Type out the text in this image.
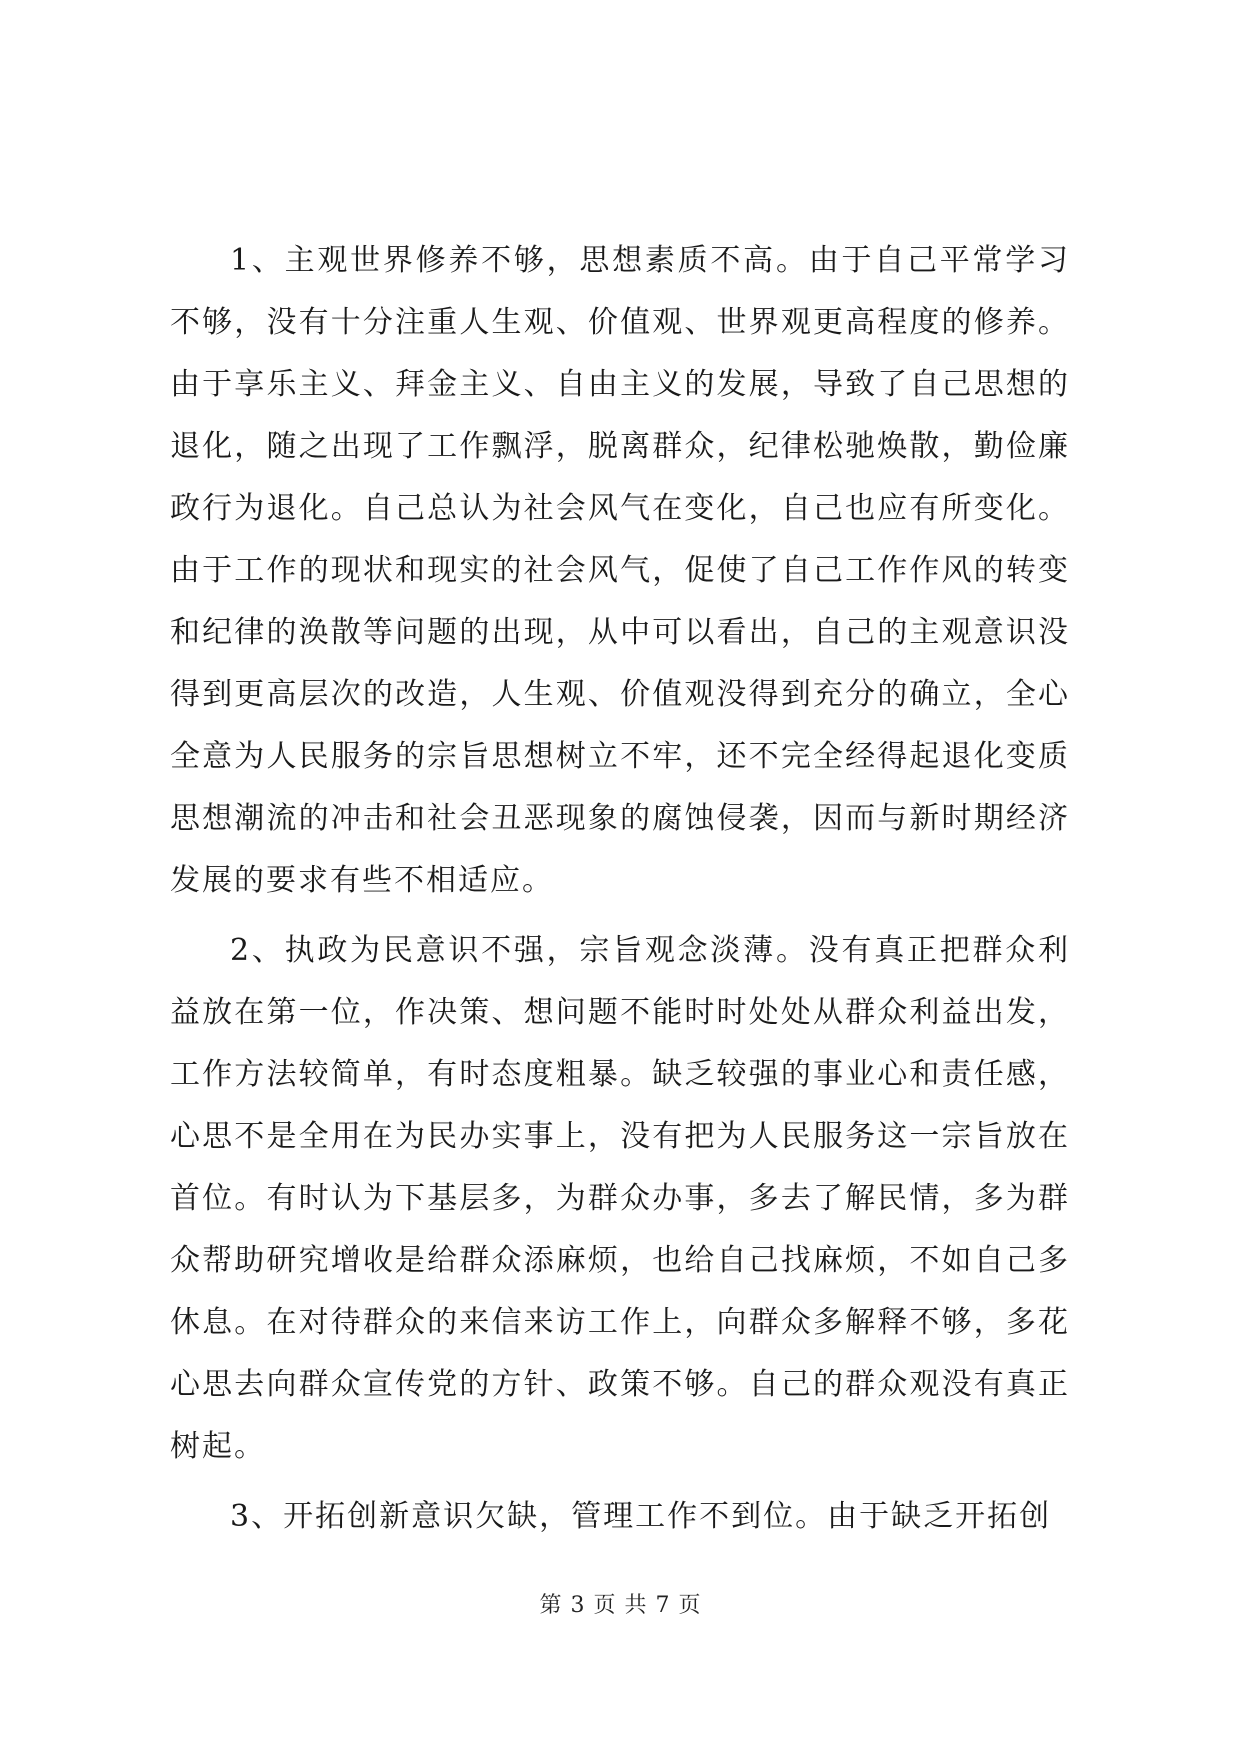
1、主观世界修养不够，思想素质不高。由于自己平常学习不够，没有十分注重人生观、价值观、世界观更高程度的修养。由于享乐主义、拜金主义、自由主义的发展，导致了自己思想的退化，随之出现了工作飘浮，脱离群众，纪律松驰焕散，勤俭廉政行为退化。自己总认为社会风气在变化，自己也应有所变化。由于工作的现状和现实的社会风气，促使了自己工作作风的转变和纪律的涣散等问题的出现，从中可以看出，自己的主观意识没得到更高层次的改造，人生观、价值观没得到充分的确立，全心全意为人民服务的宗旨思想树立不牢，还不完全经得起退化变质思想潮流的冲击和社会丑恶现象的腐蚀侵袭，因而与新时期经济发展的要求有些不相适应。

2、执政为民意识不强，宗旨观念淡薄。没有真正把群众利益放在第一位，作决策、想问题不能时时处处从群众利益出发，工作方法较简单，有时态度粗暴。缺乏较强的事业心和责任感，心思不是全用在为民办实事上，没有把为人民服务这一宗旨放在首位。有时认为下基层多，为群众办事，多去了解民情，多为群众帮助研究增收是给群众添麻烦，也给自己找麻烦，不如自己多休息。在对待群众的来信来访工作上，向群众多解释不够，多花心思去向群众宣传党的方针、政策不够。自己的群众观没有真正树起。

3、开拓创新意识欠缺，管理工作不到位。由于缺乏开拓创

第 3 页 共 7 页
